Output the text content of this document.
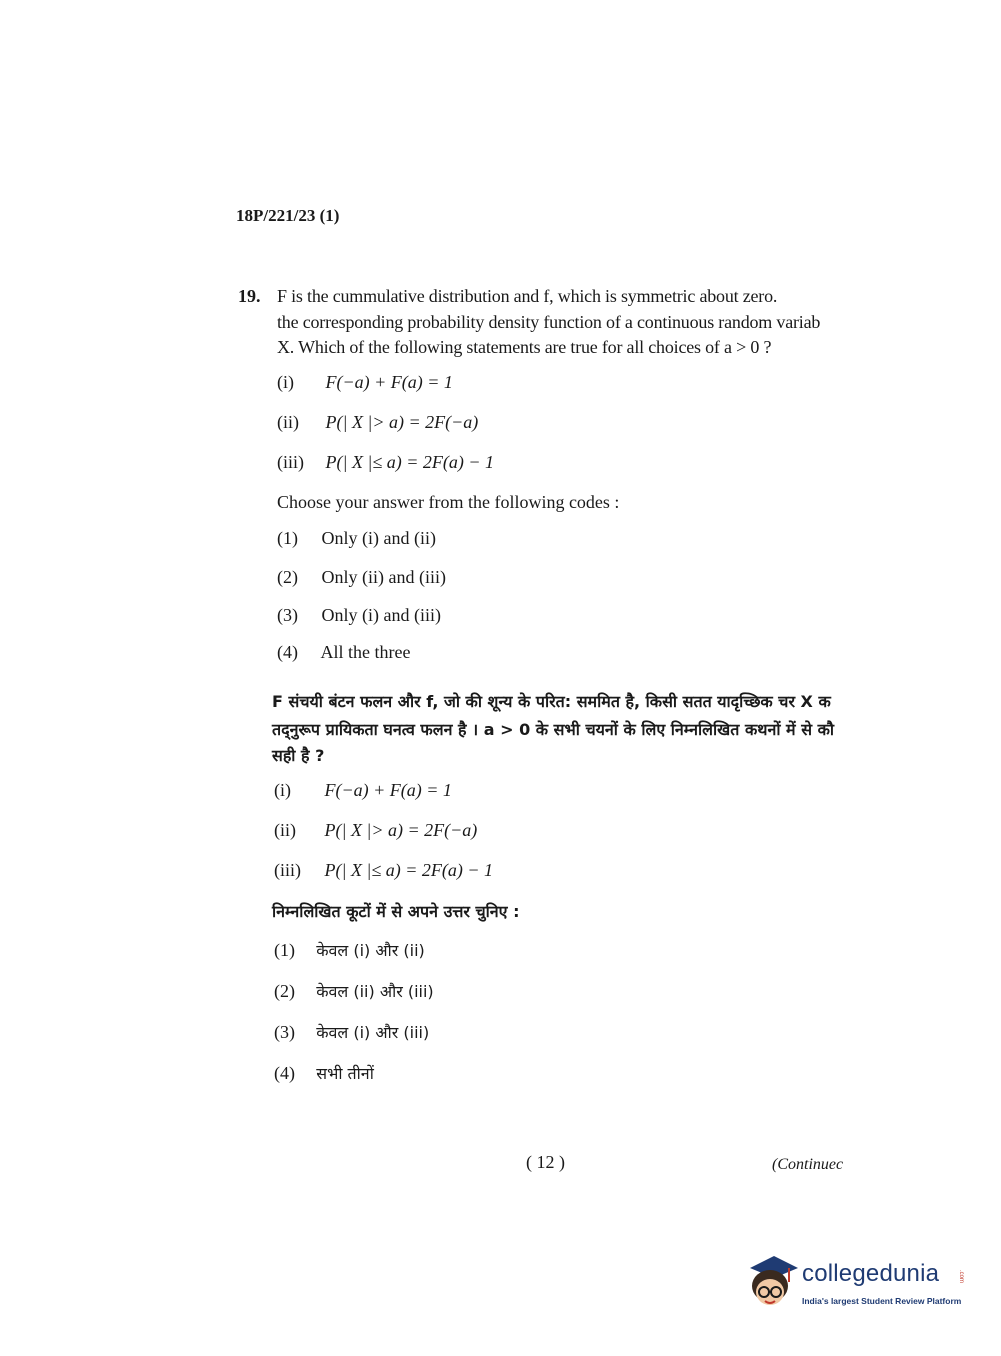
18P/221/23 (1)
19. F is the cummulative distribution and f, which is symmetric about zero.
the corresponding probability density function of a continuous random variab
X. Which of the following statements are true for all choices of a > 0 ?
(i) F(−a) + F(a) = 1
(ii) P(| X |> a) = 2F(−a)
(iii) P(| X |≤ a) = 2F(a) − 1
Choose your answer from the following codes :
(1) Only (i) and (ii)
(2) Only (ii) and (iii)
(3) Only (i) and (iii)
(4) All the three
F संचयी बंटन फलन और f, जो की शून्य के परित: सममित है, किसी सतत यादृच्छिक चर X क
तद्नुरूप प्रायिकता घनत्व फलन है । a > 0 के सभी चयनों के लिए निम्नलिखित कथनों में से कौ
सही है ?
(i) F(−a) + F(a) = 1
(ii) P(| X |> a) = 2F(−a)
(iii) P(| X |≤ a) = 2F(a) − 1
निम्नलिखित कूटों में से अपने उत्तर चुनिए :
(1) केवल (i) और (ii)
(2) केवल (ii) और (iii)
(3) केवल (i) और (iii)
(4) सभी तीनों
( 12 )	(Continuec
collegedunia	.com
India's largest Student Review Platform
